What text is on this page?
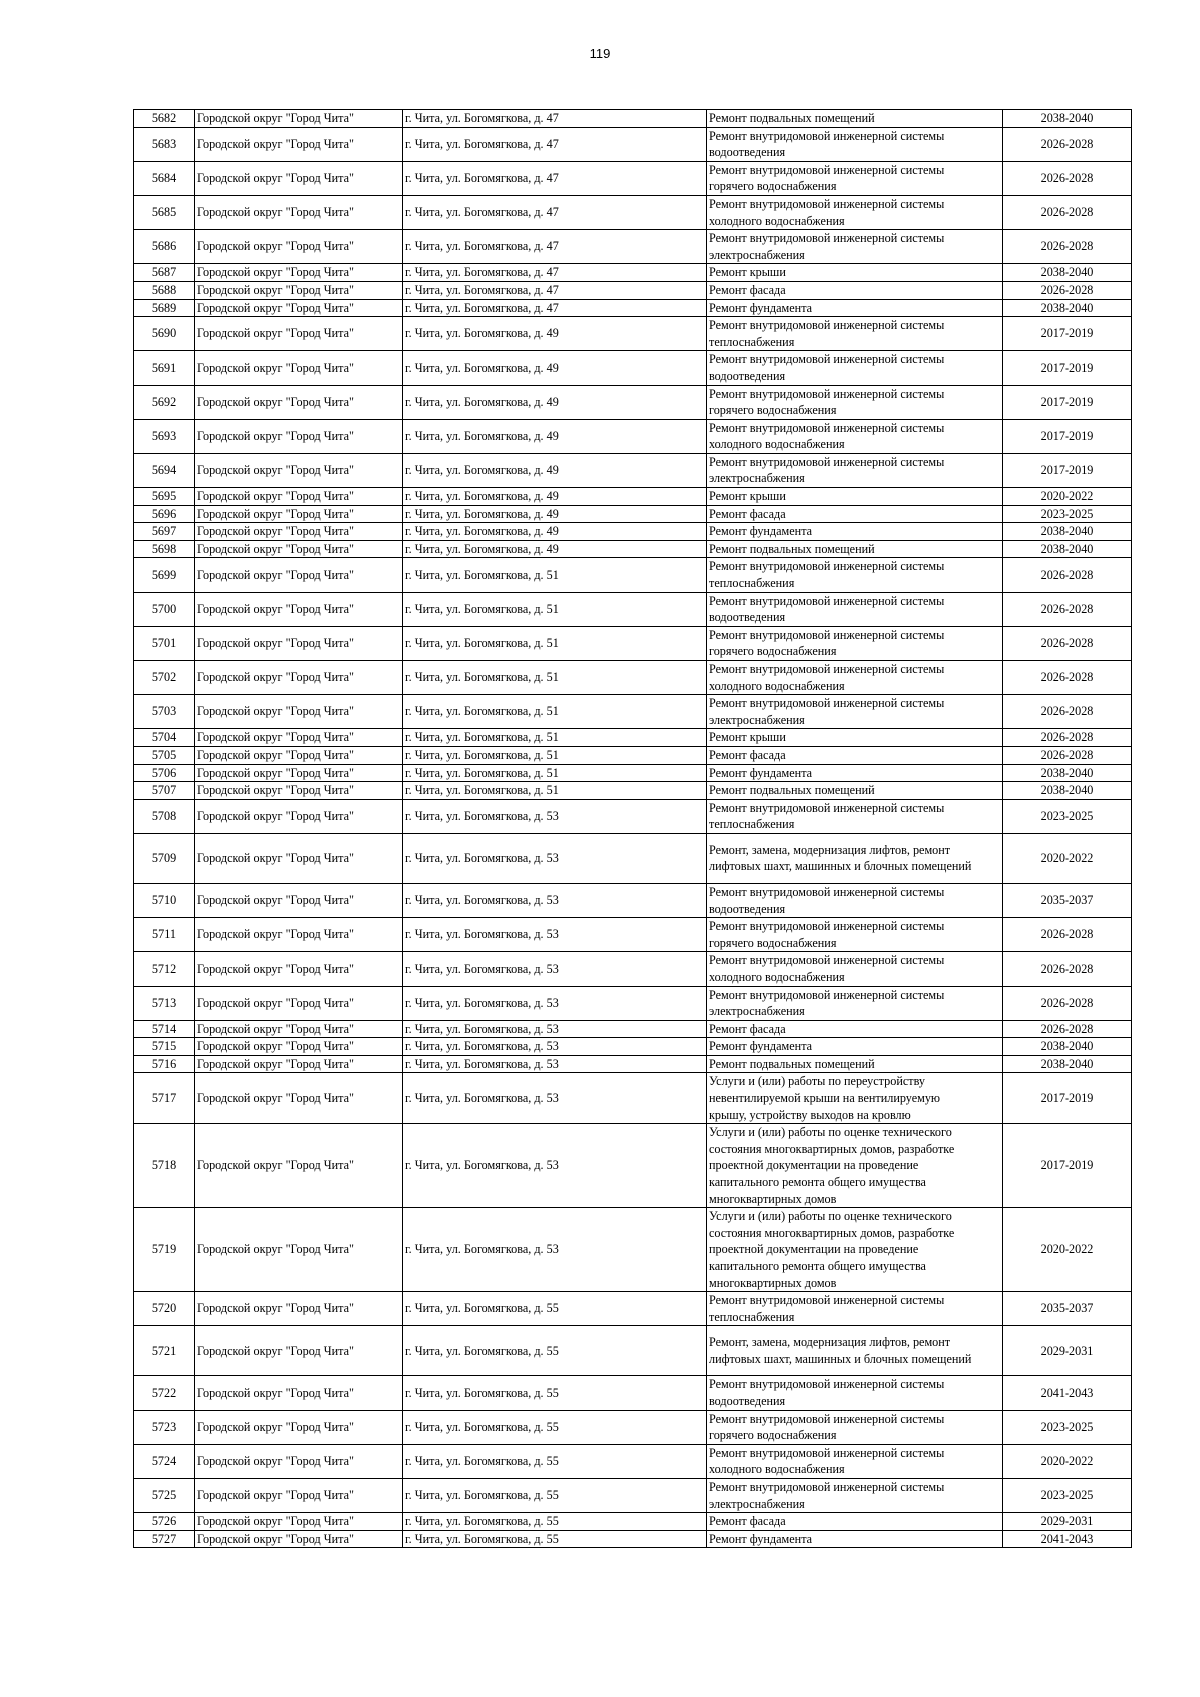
119
5682	Городской округ "Город Чита"	г. Чита, ул. Богомягкова, д. 47	Ремонт подвальных помещений	2038-2040
5683	Городской округ "Город Чита"	г. Чита, ул. Богомягкова, д. 47	Ремонт внутридомовой инженерной системы
водоотведения	2026-2028
5684	Городской округ "Город Чита"	г. Чита, ул. Богомягкова, д. 47	Ремонт внутридомовой инженерной системы
горячего водоснабжения	2026-2028
5685	Городской округ "Город Чита"	г. Чита, ул. Богомягкова, д. 47	Ремонт внутридомовой инженерной системы
холодного водоснабжения	2026-2028
5686	Городской округ "Город Чита"	г. Чита, ул. Богомягкова, д. 47	Ремонт внутридомовой инженерной системы
электроснабжения	2026-2028
5687	Городской округ "Город Чита"	г. Чита, ул. Богомягкова, д. 47	Ремонт крыши	2038-2040
5688	Городской округ "Город Чита"	г. Чита, ул. Богомягкова, д. 47	Ремонт фасада	2026-2028
5689	Городской округ "Город Чита"	г. Чита, ул. Богомягкова, д. 47	Ремонт фундамента	2038-2040
5690	Городской округ "Город Чита"	г. Чита, ул. Богомягкова, д. 49	Ремонт внутридомовой инженерной системы
теплоснабжения	2017-2019
5691	Городской округ "Город Чита"	г. Чита, ул. Богомягкова, д. 49	Ремонт внутридомовой инженерной системы
водоотведения	2017-2019
5692	Городской округ "Город Чита"	г. Чита, ул. Богомягкова, д. 49	Ремонт внутридомовой инженерной системы
горячего водоснабжения	2017-2019
5693	Городской округ "Город Чита"	г. Чита, ул. Богомягкова, д. 49	Ремонт внутридомовой инженерной системы
холодного водоснабжения	2017-2019
5694	Городской округ "Город Чита"	г. Чита, ул. Богомягкова, д. 49	Ремонт внутридомовой инженерной системы
электроснабжения	2017-2019
5695	Городской округ "Город Чита"	г. Чита, ул. Богомягкова, д. 49	Ремонт крыши	2020-2022
5696	Городской округ "Город Чита"	г. Чита, ул. Богомягкова, д. 49	Ремонт фасада	2023-2025
5697	Городской округ "Город Чита"	г. Чита, ул. Богомягкова, д. 49	Ремонт фундамента	2038-2040
5698	Городской округ "Город Чита"	г. Чита, ул. Богомягкова, д. 49	Ремонт подвальных помещений	2038-2040
5699	Городской округ "Город Чита"	г. Чита, ул. Богомягкова, д. 51	Ремонт внутридомовой инженерной системы
теплоснабжения	2026-2028
5700	Городской округ "Город Чита"	г. Чита, ул. Богомягкова, д. 51	Ремонт внутридомовой инженерной системы
водоотведения	2026-2028
5701	Городской округ "Город Чита"	г. Чита, ул. Богомягкова, д. 51	Ремонт внутридомовой инженерной системы
горячего водоснабжения	2026-2028
5702	Городской округ "Город Чита"	г. Чита, ул. Богомягкова, д. 51	Ремонт внутридомовой инженерной системы
холодного водоснабжения	2026-2028
5703	Городской округ "Город Чита"	г. Чита, ул. Богомягкова, д. 51	Ремонт внутридомовой инженерной системы
электроснабжения	2026-2028
5704	Городской округ "Город Чита"	г. Чита, ул. Богомягкова, д. 51	Ремонт крыши	2026-2028
5705	Городской округ "Город Чита"	г. Чита, ул. Богомягкова, д. 51	Ремонт фасада	2026-2028
5706	Городской округ "Город Чита"	г. Чита, ул. Богомягкова, д. 51	Ремонт фундамента	2038-2040
5707	Городской округ "Город Чита"	г. Чита, ул. Богомягкова, д. 51	Ремонт подвальных помещений	2038-2040
5708	Городской округ "Город Чита"	г. Чита, ул. Богомягкова, д. 53	Ремонт внутридомовой инженерной системы
теплоснабжения	2023-2025
5709	Городской округ "Город Чита"	г. Чита, ул. Богомягкова, д. 53	Ремонт, замена, модернизация лифтов, ремонт
лифтовых шахт, машинных и блочных помещений	2020-2022
5710	Городской округ "Город Чита"	г. Чита, ул. Богомягкова, д. 53	Ремонт внутридомовой инженерной системы
водоотведения	2035-2037
5711	Городской округ "Город Чита"	г. Чита, ул. Богомягкова, д. 53	Ремонт внутридомовой инженерной системы
горячего водоснабжения	2026-2028
5712	Городской округ "Город Чита"	г. Чита, ул. Богомягкова, д. 53	Ремонт внутридомовой инженерной системы
холодного водоснабжения	2026-2028
5713	Городской округ "Город Чита"	г. Чита, ул. Богомягкова, д. 53	Ремонт внутридомовой инженерной системы
электроснабжения	2026-2028
5714	Городской округ "Город Чита"	г. Чита, ул. Богомягкова, д. 53	Ремонт фасада	2026-2028
5715	Городской округ "Город Чита"	г. Чита, ул. Богомягкова, д. 53	Ремонт фундамента	2038-2040
5716	Городской округ "Город Чита"	г. Чита, ул. Богомягкова, д. 53	Ремонт подвальных помещений	2038-2040
5717	Городской округ "Город Чита"	г. Чита, ул. Богомягкова, д. 53	Услуги и (или) работы по переустройству
невентилируемой крыши на вентилируемую
крышу, устройству выходов на кровлю	2017-2019
5718	Городской округ "Город Чита"	г. Чита, ул. Богомягкова, д. 53	Услуги и (или) работы по оценке технического
состояния многоквартирных домов, разработке
проектной документации на проведение
капитального ремонта общего имущества
многоквартирных домов	2017-2019
5719	Городской округ "Город Чита"	г. Чита, ул. Богомягкова, д. 53	Услуги и (или) работы по оценке технического
состояния многоквартирных домов, разработке
проектной документации на проведение
капитального ремонта общего имущества
многоквартирных домов	2020-2022
5720	Городской округ "Город Чита"	г. Чита, ул. Богомягкова, д. 55	Ремонт внутридомовой инженерной системы
теплоснабжения	2035-2037
5721	Городской округ "Город Чита"	г. Чита, ул. Богомягкова, д. 55	Ремонт, замена, модернизация лифтов, ремонт
лифтовых шахт, машинных и блочных помещений	2029-2031
5722	Городской округ "Город Чита"	г. Чита, ул. Богомягкова, д. 55	Ремонт внутридомовой инженерной системы
водоотведения	2041-2043
5723	Городской округ "Город Чита"	г. Чита, ул. Богомягкова, д. 55	Ремонт внутридомовой инженерной системы
горячего водоснабжения	2023-2025
5724	Городской округ "Город Чита"	г. Чита, ул. Богомягкова, д. 55	Ремонт внутридомовой инженерной системы
холодного водоснабжения	2020-2022
5725	Городской округ "Город Чита"	г. Чита, ул. Богомягкова, д. 55	Ремонт внутридомовой инженерной системы
электроснабжения	2023-2025
5726	Городской округ "Город Чита"	г. Чита, ул. Богомягкова, д. 55	Ремонт фасада	2029-2031
5727	Городской округ "Город Чита"	г. Чита, ул. Богомягкова, д. 55	Ремонт фундамента	2041-2043
